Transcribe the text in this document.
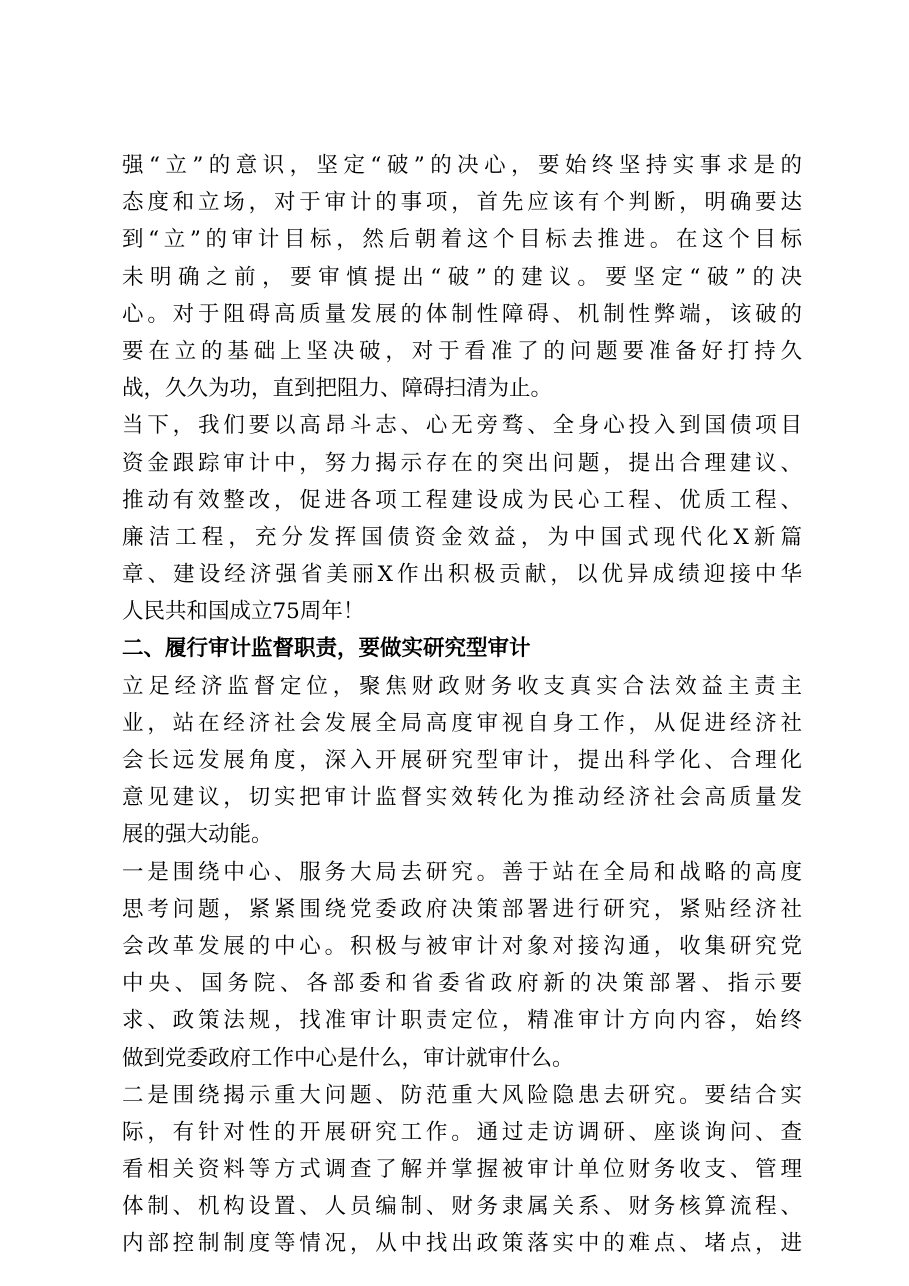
强“立”的意识，坚定“破”的决心，要始终坚持实事求是的
态度和立场，对于审计的事项，首先应该有个判断，明确要达
到“立”的审计目标，然后朝着这个目标去推进。在这个目标
未明确之前，要审慎提出“破”的建议。要坚定“破”的决
心。对于阻碍高质量发展的体制性障碍、机制性弊端，该破的
要在立的基础上坚决破，对于看准了的问题要准备好打持久
战，久久为功，直到把阻力、障碍扫清为止。
当下，我们要以高昂斗志、心无旁骛、全身心投入到国债项目
资金跟踪审计中，努力揭示存在的突出问题，提出合理建议、
推动有效整改，促进各项工程建设成为民心工程、优质工程、
廉洁工程，充分发挥国债资金效益，为中国式现代化X新篇
章、建设经济强省美丽X作出积极贡献，以优异成绩迎接中华
人民共和国成立75周年！
二、履行审计监督职责，要做实研究型审计
立足经济监督定位，聚焦财政财务收支真实合法效益主责主
业，站在经济社会发展全局高度审视自身工作，从促进经济社
会长远发展角度，深入开展研究型审计，提出科学化、合理化
意见建议，切实把审计监督实效转化为推动经济社会高质量发
展的强大动能。
一是围绕中心、服务大局去研究。善于站在全局和战略的高度
思考问题，紧紧围绕党委政府决策部署进行研究，紧贴经济社
会改革发展的中心。积极与被审计对象对接沟通，收集研究党
中央、国务院、各部委和省委省政府新的决策部署、指示要
求、政策法规，找准审计职责定位，精准审计方向内容，始终
做到党委政府工作中心是什么，审计就审什么。
二是围绕揭示重大问题、防范重大风险隐患去研究。要结合实
际，有针对性的开展研究工作。通过走访调研、座谈询问、查
看相关资料等方式调查了解并掌握被审计单位财务收支、管理
体制、机构设置、人员编制、财务隶属关系、财务核算流程、
内部控制制度等情况，从中找出政策落实中的难点、堵点，进
